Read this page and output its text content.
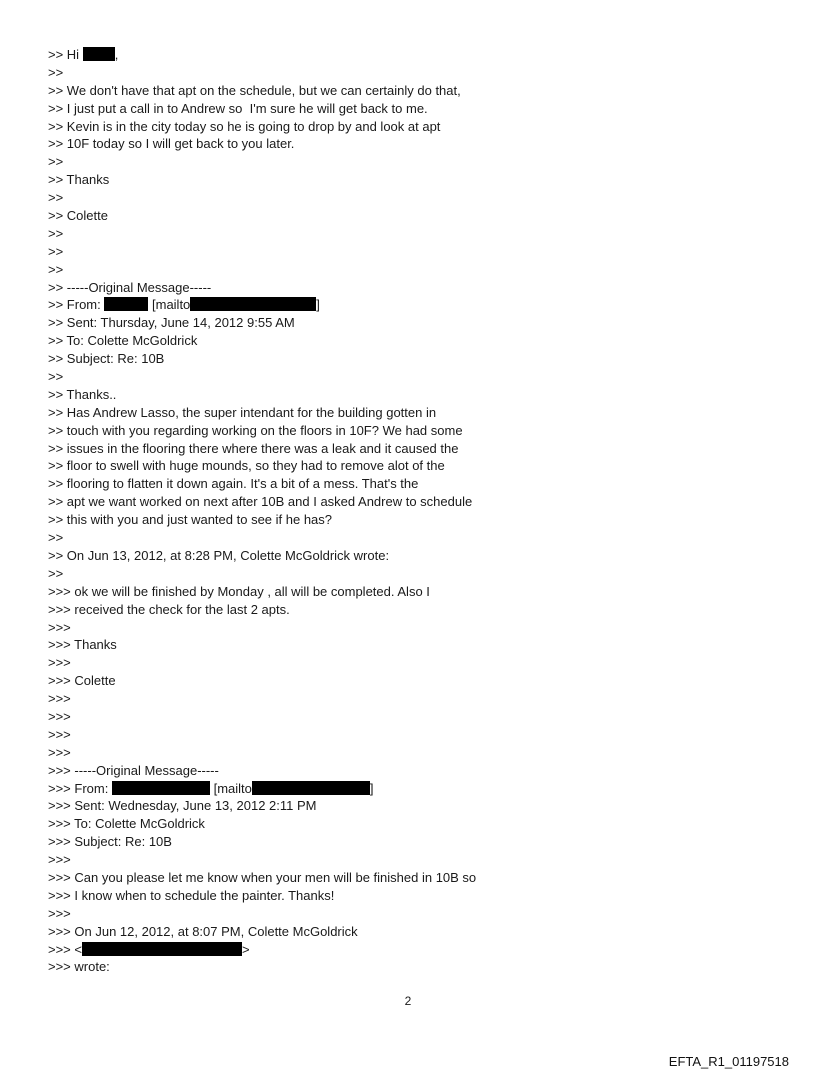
>> Hi	,
>>
>> We don't have that apt on the schedule, but we can certainly do that,
>> I just put a call in to Andrew so  I'm sure he will get back to me.
>> Kevin is in the city today so he is going to drop by and look at apt
>> 10F today so I will get back to you later.
>>
>> Thanks
>>
>> Colette
>>
>>
>>
>> -----Original Message-----
>> From:	[mailto	]
>> Sent: Thursday, June 14, 2012 9:55 AM
>> To: Colette McGoldrick
>> Subject: Re: 10B
>>
>> Thanks..
>> Has Andrew Lasso, the super intendant for the building gotten in
>> touch with you regarding working on the floors in 10F? We had some
>> issues in the flooring there where there was a leak and it caused the
>> floor to swell with huge mounds, so they had to remove alot of the
>> flooring to flatten it down again. It's a bit of a mess. That's the
>> apt we want worked on next after 10B and I asked Andrew to schedule
>> this with you and just wanted to see if he has?
>>
>> On Jun 13, 2012, at 8:28 PM, Colette McGoldrick wrote:
>>
>>> ok we will be finished by Monday , all will be completed. Also I
>>> received the check for the last 2 apts.
>>>
>>> Thanks
>>>
>>> Colette
>>>
>>>
>>>
>>>
>>> -----Original Message-----
>>> From:	[mailto	]
>>> Sent: Wednesday, June 13, 2012 2:11 PM
>>> To: Colette McGoldrick
>>> Subject: Re: 10B
>>>
>>> Can you please let me know when your men will be finished in 10B so
>>> I know when to schedule the painter. Thanks!
>>>
>>> On Jun 12, 2012, at 8:07 PM, Colette McGoldrick
>>> <	>
>>> wrote:
2
EFTA_R1_01197518
